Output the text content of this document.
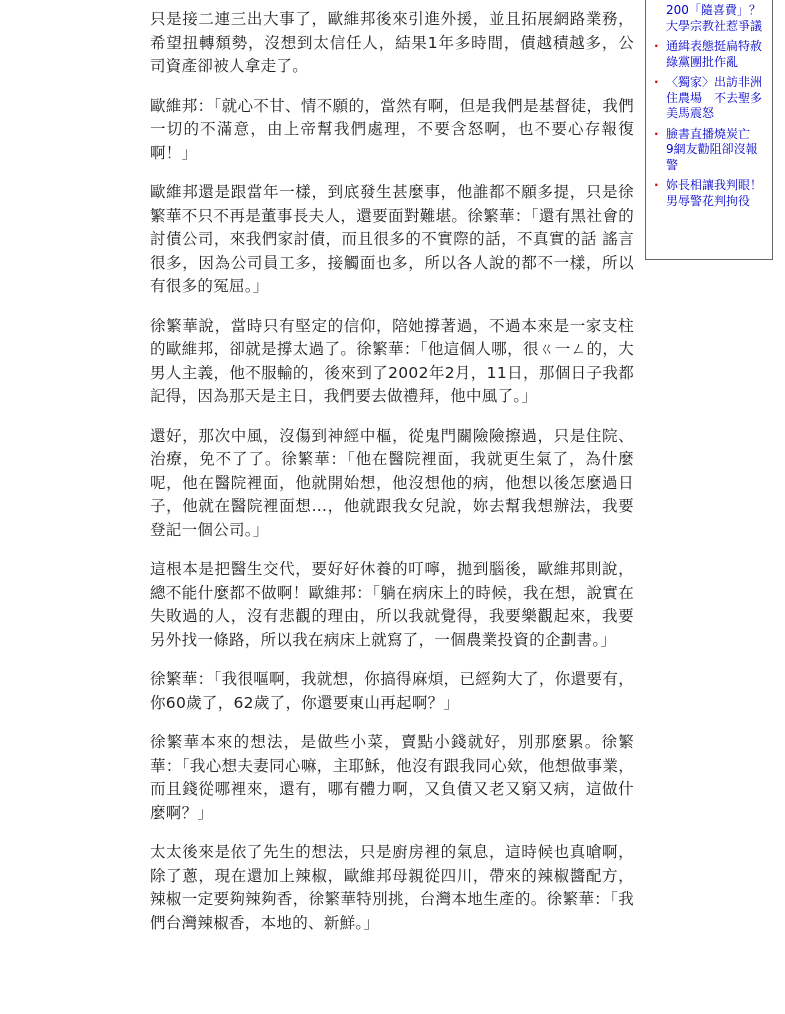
只是接二連三出大事了，歐維邦後來引進外援，並且拓展網路業務，希望扭轉頹勢，沒想到太信任人，結果1年多時間，債越積越多，公司資產卻被人拿走了。

歐維邦：「就心不甘、情不願的，當然有啊，但是我們是基督徒，我們一切的不滿意，由上帝幫我們處理，不要含怒啊，也不要心存報復啊！」

歐維邦還是跟當年一樣，到底發生甚麼事，他誰都不願多提，只是徐繁華不只不再是董事長夫人，還要面對難堪。徐繁華：「還有黑社會的討債公司，來我們家討債，而且很多的不實際的話，不真實的話 謠言很多，因為公司員工多，接觸面也多，所以各人說的都不一樣，所以有很多的冤屈。」

徐繁華說，當時只有堅定的信仰，陪她撐著過，不過本來是一家支柱的歐維邦，卻就是撐太過了。徐繁華：「他這個人哪，很ㄍ一ㄥ的，大男人主義，他不服輸的，後來到了2002年2月，11日，那個日子我都記得，因為那天是主日，我們要去做禮拜，他中風了。」

還好，那次中風，沒傷到神經中樞，從鬼門關險險擦過，只是住院、治療，免不了了。徐繁華：「他在醫院裡面，我就更生氣了，為什麼呢，他在醫院裡面，他就開始想，他沒想他的病，他想以後怎麼過日子，他就在醫院裡面想…，他就跟我女兒說，妳去幫我想辦法，我要登記一個公司。」

這根本是把醫生交代，要好好休養的叮嚀，拋到腦後，歐維邦則說，總不能什麼都不做啊！歐維邦：「躺在病床上的時候，我在想，說實在失敗過的人，沒有悲觀的理由，所以我就覺得，我要樂觀起來，我要另外找一條路，所以我在病床上就寫了，一個農業投資的企劃書。」

徐繁華：「我很嘔啊，我就想，你搞得麻煩，已經夠大了，你還要有，你60歲了，62歲了，你還要東山再起啊？」

徐繁華本來的想法，是做些小菜，賣點小錢就好，別那麼累。徐繁華：「我心想夫妻同心嘛，主耶穌，他沒有跟我同心欸，他想做事業，而且錢從哪裡來，還有，哪有體力啊，又負債又老又窮又病，這做什麼啊？」

太太後來是依了先生的想法，只是廚房裡的氣息，這時候也真嗆啊，除了蔥，現在還加上辣椒，歐維邦母親從四川，帶來的辣椒醬配方，辣椒一定要夠辣夠香，徐繁華特別挑，台灣本地生產的。徐繁華：「我們台灣辣椒香，本地的、新鮮。」

200「隨喜費」？　大學宗教社惹爭議
· 通緝表態挺扁特赦　綠黨團批作亂
· 〈獨家〉出訪非洲住農場　不去聖多美馬震怒
· 臉書直播燒炭亡　9網友勸阻卻沒報警
· 妳長相讓我判眼！　男辱警花判拘役
